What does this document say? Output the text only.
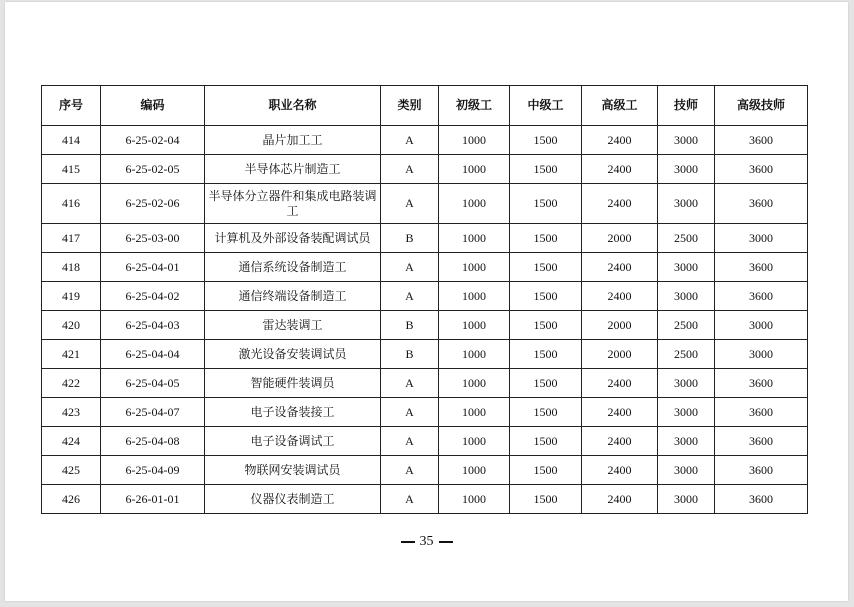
序号	编码	职业名称	类别	初级工	中级工	高级工	技师	高级技师
414	6-25-02-04	晶片加工工	A	1000	1500	2400	3000	3600
415	6-25-02-05	半导体芯片制造工	A	1000	1500	2400	3000	3600
416	6-25-02-06	半导体分立器件和集成电路装调工	A	1000	1500	2400	3000	3600
417	6-25-03-00	计算机及外部设备装配调试员	B	1000	1500	2000	2500	3000
418	6-25-04-01	通信系统设备制造工	A	1000	1500	2400	3000	3600
419	6-25-04-02	通信终端设备制造工	A	1000	1500	2400	3000	3600
420	6-25-04-03	雷达装调工	B	1000	1500	2000	2500	3000
421	6-25-04-04	激光设备安装调试员	B	1000	1500	2000	2500	3000
422	6-25-04-05	智能硬件装调员	A	1000	1500	2400	3000	3600
423	6-25-04-07	电子设备装接工	A	1000	1500	2400	3000	3600
424	6-25-04-08	电子设备调试工	A	1000	1500	2400	3000	3600
425	6-25-04-09	物联网安装调试员	A	1000	1500	2400	3000	3600
426	6-26-01-01	仪器仪表制造工	A	1000	1500	2400	3000	3600
35
